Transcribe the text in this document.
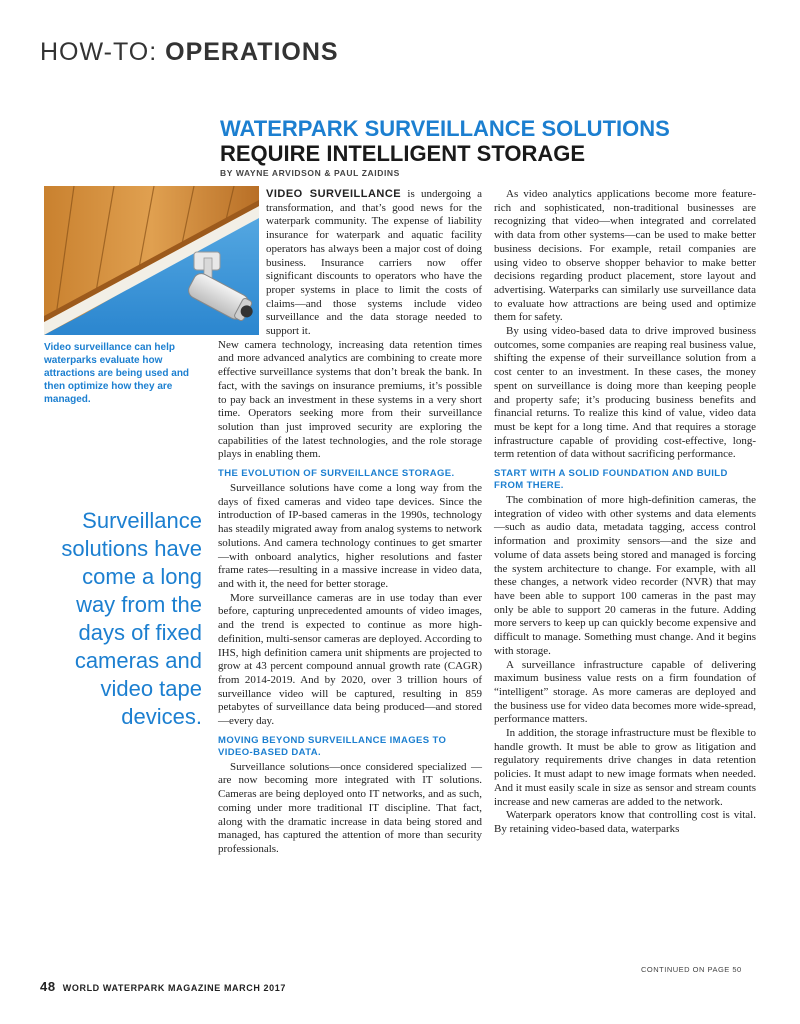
HOW-TO: OPERATIONS
WATERPARK SURVEILLANCE SOLUTIONS
REQUIRE INTELLIGENT STORAGE
BY WAYNE ARVIDSON & PAUL ZAIDINS
Video surveillance can help waterparks evaluate how attractions are being used and then optimize how they are managed.
Surveillance solutions have come a long way from the days of fixed cameras and video tape devices.

VIDEO SURVEILLANCE is undergoing a transformation, and that’s good news for the waterpark community. The expense of liability insurance for waterpark and aquatic facility operators has always been a major cost of doing business. Insurance carriers now offer significant discounts to operators who have the proper systems in place to limit the costs of claims—and those systems include video surveillance and the data storage needed to support it.

New camera technology, increasing data retention times and more advanced analytics are combining to create more effective surveillance systems that don’t break the bank. In fact, with the savings on insurance premiums, it’s possible to pay back an investment in these systems in a very short time. Operators seeking more from their surveillance solution than just improved security are exploring the capabilities of the latest technologies, and the role storage plays in enabling them.

THE EVOLUTION OF SURVEILLANCE STORAGE.

Surveillance solutions have come a long way from the days of fixed cameras and video tape devices. Since the introduction of IP-based cameras in the 1990s, technology has steadily migrated away from analog systems to network solutions. And camera technology continues to get smarter—with onboard analytics, higher resolutions and faster frame rates—resulting in a massive increase in video data, and with it, the need for better storage.

More surveillance cameras are in use today than ever before, capturing unprecedented amounts of video images, and the trend is expected to continue as more high-definition, multi-sensor cameras are deployed. According to IHS, high definition camera unit shipments are projected to grow at 43 percent compound annual growth rate (CAGR) from 2014-2019. And by 2020, over 3 trillion hours of surveillance video will be captured, resulting in 859 petabytes of surveillance data being produced—and stored—every day.

MOVING BEYOND SURVEILLANCE IMAGES TO VIDEO-BASED DATA.

Surveillance solutions—once considered specialized —are now becoming more integrated with IT solutions. Cameras are being deployed onto IT networks, and as such, coming under more traditional IT discipline. That fact, along with the dramatic increase in data being stored and managed, has captured the attention of more than security professionals.

As video analytics applications become more feature-rich and sophisticated, non-traditional businesses are recognizing that video—when integrated and correlated with data from other systems—can be used to make better business decisions. For example, retail companies are using video to observe shopper behavior to make better decisions regarding product placement, store layout and advertising. Waterparks can similarly use surveillance data to evaluate how attractions are being used and optimize them for safety.

By using video-based data to drive improved business outcomes, some companies are reaping real business value, shifting the expense of their surveillance solution from a cost center to an investment. In these cases, the money spent on surveillance is doing more than keeping people and property safe; it’s producing business benefits and financial returns. To realize this kind of value, video data must be kept for a long time. And that requires a storage infrastructure capable of providing cost-effective, long-term retention of data without sacrificing performance.

START WITH A SOLID FOUNDATION AND BUILD FROM THERE.

The combination of more high-definition cameras, the integration of video with other systems and data elements—such as audio data, metadata tagging, access control information and proximity sensors—and the size and volume of data assets being stored and managed is forcing the system architecture to change. For example, with all these changes, a network video recorder (NVR) that may have been able to support 100 cameras in the past may only be able to support 20 cameras in the future. Adding more servers to keep up can quickly become expensive and difficult to manage. Something must change. And it begins with storage.

A surveillance infrastructure capable of delivering maximum business value rests on a firm foundation of “intelligent” storage. As more cameras are deployed and the business use for video data becomes more wide-spread, performance matters.

In addition, the storage infrastructure must be flexible to handle growth. It must be able to grow as litigation and regulatory requirements drive changes in data retention policies. It must adapt to new image formats when needed. And it must easily scale in size as sensor and stream counts increase and new cameras are added to the network.

Waterpark operators know that controlling cost is vital. By retaining video-based data, waterparks

CONTINUED ON PAGE 50
48 WORLD WATERPARK MAGAZINE MARCH 2017
